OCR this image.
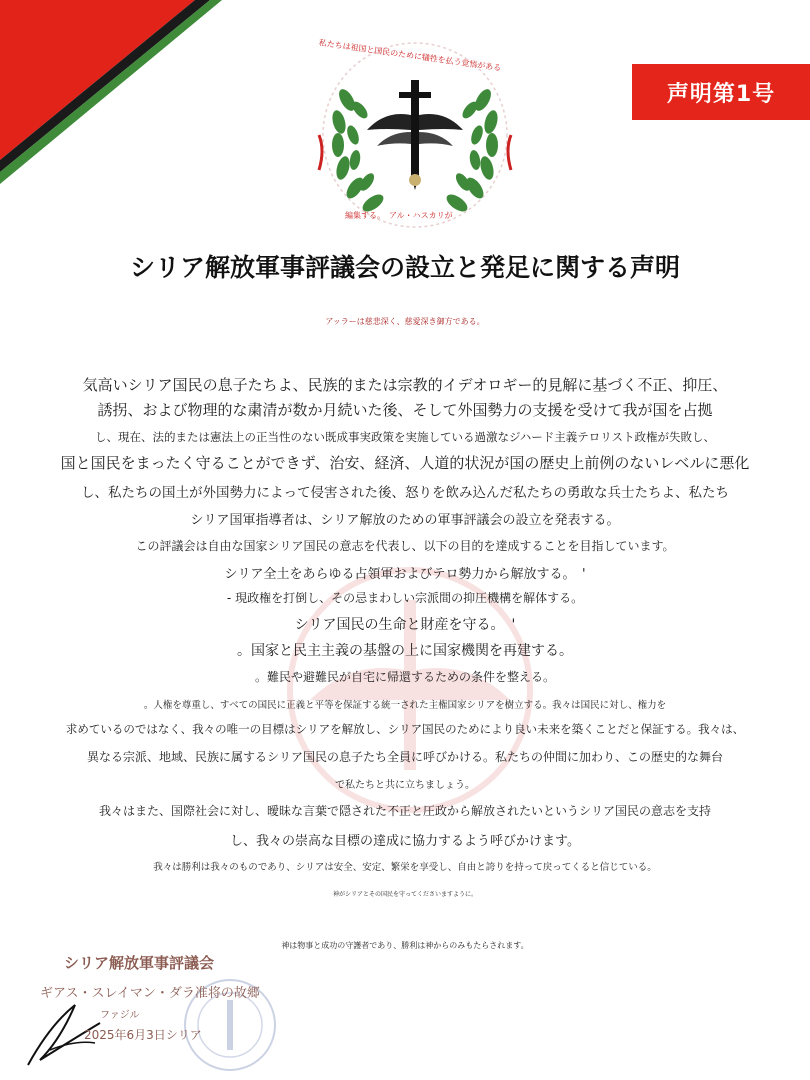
声明第1号
私たちは祖国と国民のために犠牲を払う覚悟がある
編集する。　 アル・ハスカリが
シリア解放軍事評議会の設立と発足に関する声明
アッラーは慈悲深く、慈愛深き御方である。
気高いシリア国民の息子たちよ、民族的または宗教的イデオロギー的見解に基づく不正、抑圧、
誘拐、および物理的な粛清が数か月続いた後、そして外国勢力の支援を受けて我が国を占拠
し、現在、法的または憲法上の正当性のない既成事実政策を実施している過激なジハード主義テロリスト政権が失敗し、
国と国民をまったく守ることができず、治安、経済、人道的状況が国の歴史上前例のないレベルに悪化
し、私たちの国土が外国勢力によって侵害された後、怒りを飲み込んだ私たちの勇敢な兵士たちよ、私たち
シリア国軍指導者は、シリア解放のための軍事評議会の設立を発表する。
この評議会は自由な国家シリア国民の意志を代表し、以下の目的を達成することを目指しています。
シリア全土をあらゆる占領軍およびテロ勢力から解放する。　'
- 現政権を打倒し、その忌まわしい宗派間の抑圧機構を解体する。
シリア国民の生命と財産を守る。　'
。国家と民主主義の基盤の上に国家機関を再建する。
。難民や避難民が自宅に帰還するための条件を整える。
。人権を尊重し、すべての国民に正義と平等を保証する統一された主権国家シリアを樹立する。我々は国民に対し、権力を
求めているのではなく、我々の唯一の目標はシリアを解放し、シリア国民のためにより良い未来を築くことだと保証する。我々は、
異なる宗派、地域、民族に属するシリア国民の息子たち全員に呼びかける。私たちの仲間に加わり、この歴史的な舞台
で私たちと共に立ちましょう。
我々はまた、国際社会に対し、曖昧な言葉で隠された不正と圧政から解放されたいというシリア国民の意志を支持
し、我々の崇高な目標の達成に協力するよう呼びかけます。
我々は勝利は我々のものであり、シリアは安全、安定、繁栄を享受し、自由と誇りを持って戻ってくると信じている。
神がシリアとその国民を守ってくださいますように。
神は物事と成功の守護者であり、勝利は神からのみもたらされます。
シリア解放軍事評議会
ギアス・スレイマン・ダラ准将の故郷
ファジル
2025年6月3日シリア
